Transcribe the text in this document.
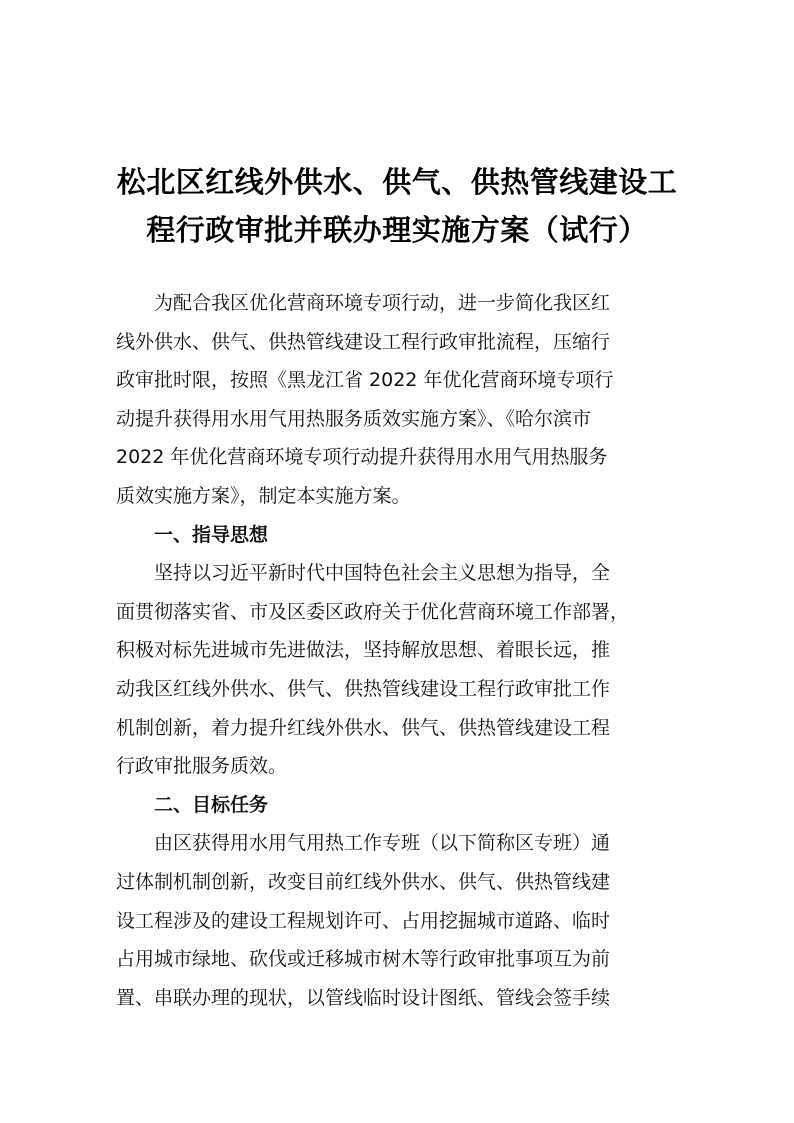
松北区红线外供水、供气、供热管线建设工
程行政审批并联办理实施方案（试行）
为配合我区优化营商环境专项行动，进一步简化我区红
线外供水、供气、供热管线建设工程行政审批流程，压缩行
政审批时限，按照《黑龙江省 2022 年优化营商环境专项行
动提升获得用水用气用热服务质效实施方案》、《哈尔滨市
2022 年优化营商环境专项行动提升获得用水用气用热服务
质效实施方案》，制定本实施方案。
一、指导思想
坚持以习近平新时代中国特色社会主义思想为指导，全
面贯彻落实省、市及区委区政府关于优化营商环境工作部署，
积极对标先进城市先进做法，坚持解放思想、着眼长远，推
动我区红线外供水、供气、供热管线建设工程行政审批工作
机制创新，着力提升红线外供水、供气、供热管线建设工程
行政审批服务质效。
二、目标任务
由区获得用水用气用热工作专班（以下简称区专班）通
过体制机制创新，改变目前红线外供水、供气、供热管线建
设工程涉及的建设工程规划许可、占用挖掘城市道路、临时
占用城市绿地、砍伐或迁移城市树木等行政审批事项互为前
置、串联办理的现状，以管线临时设计图纸、管线会签手续
